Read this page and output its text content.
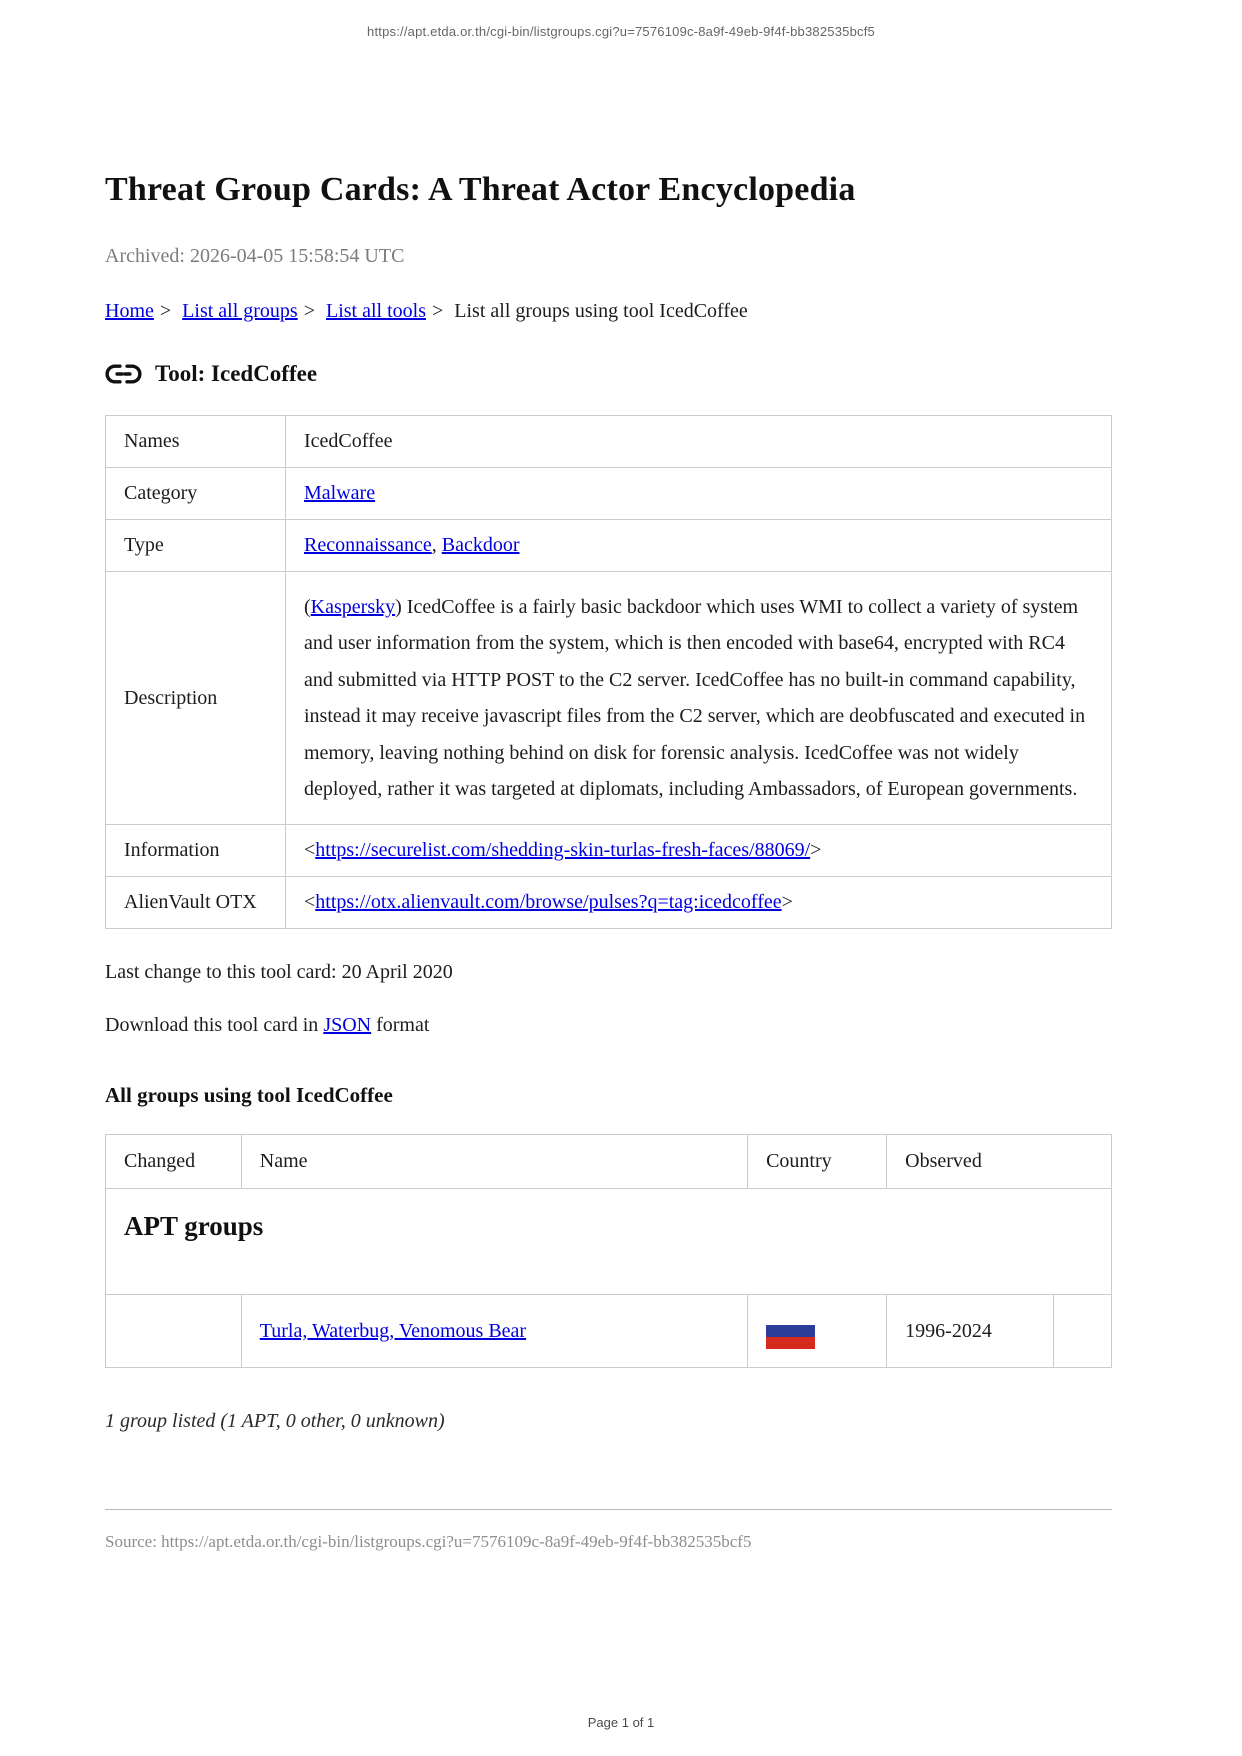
https://apt.etda.or.th/cgi-bin/listgroups.cgi?u=7576109c-8a9f-49eb-9f4f-bb382535bcf5
Threat Group Cards: A Threat Actor Encyclopedia

Archived: 2026-04-05 15:58:54 UTC

Home > List all groups > List all tools > List all groups using tool IcedCoffee
Tool: IcedCoffee
Names	IcedCoffee
Category	Malware
Type	Reconnaissance, Backdoor
Description	(Kaspersky) IcedCoffee is a fairly basic backdoor which uses WMI to collect a variety of system and user information from the system, which is then encoded with base64, encrypted with RC4 and submitted via HTTP POST to the C2 server. IcedCoffee has no built-in command capability, instead it may receive javascript files from the C2 server, which are deobfuscated and executed in memory, leaving nothing behind on disk for forensic analysis. IcedCoffee was not widely deployed, rather it was targeted at diplomats, including Ambassadors, of European governments.
Information	<https://securelist.com/shedding-skin-turlas-fresh-faces/88069/>
AlienVault OTX	<https://otx.alienvault.com/browse/pulses?q=tag:icedcoffee>

Last change to this tool card: 20 April 2020

Download this tool card in JSON format

All groups using tool IcedCoffee
Changed	Name	Country	Observed	
APT groups				
	Turla, Waterbug, Venomous Bear		1996-2024	

1 group listed (1 APT, 0 other, 0 unknown)

Source: https://apt.etda.or.th/cgi-bin/listgroups.cgi?u=7576109c-8a9f-49eb-9f4f-bb382535bcf5

Page 1 of 1
